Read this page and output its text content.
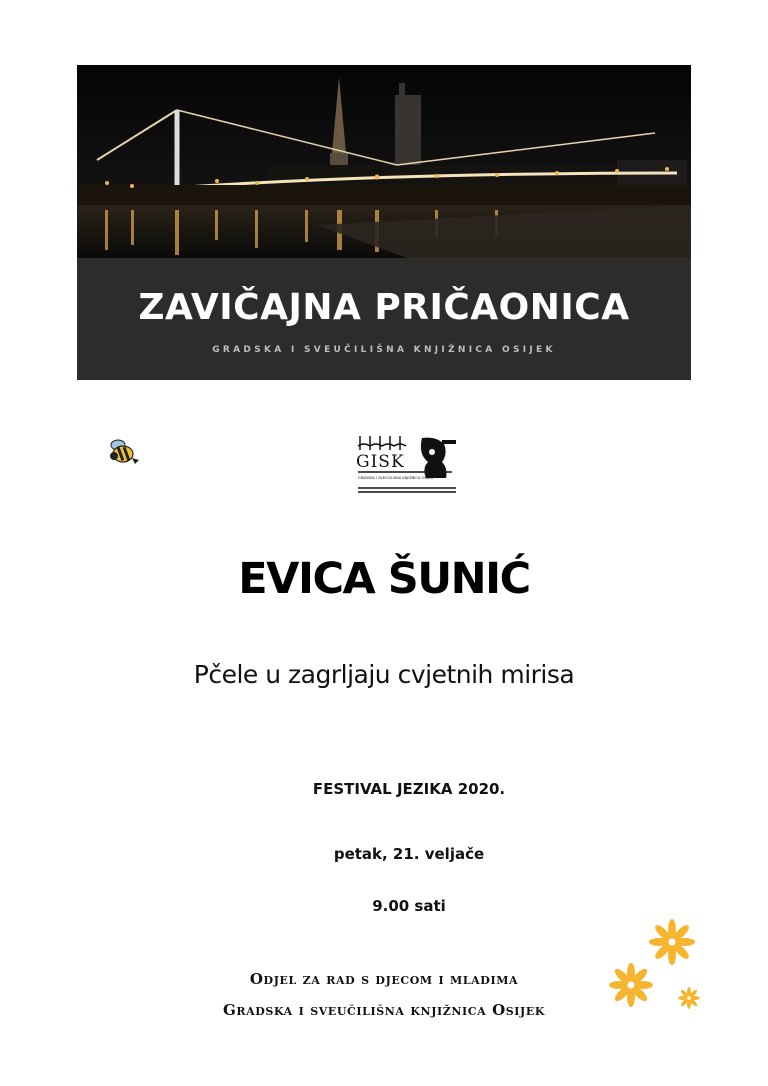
ZAVIČAJNA PRIČAONICA
GRADSKA I SVEUČILIŠNA KNJIŽNICA OSIJEK
GISK
GRADSKA I SVEUČILIŠNA KNJIŽNICA OSIJEK
EVICA ŠUNIĆ
Pčele u zagrljaju cvjetnih mirisa
FESTIVAL JEZIKA 2020.
petak, 21. veljače
9.00 sati
Odjel za rad s djecom i mladima
Gradska i sveučilišna knjižnica Osijek
